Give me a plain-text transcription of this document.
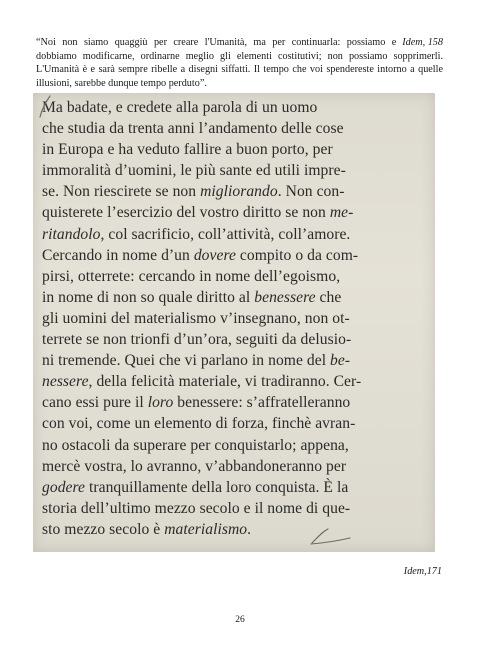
Idem, 158
“Noi non siamo quaggiù per creare l'Umanità, ma per continuarla: possiamo e dobbiamo modificarne, ordinarne meglio gli elementi costitutivi; non possiamo sopprimerli. L'Umanità è e sarà sempre ribelle a disegni siffatti. Il tempo che voi spendereste intorno a quelle illusioni, sarebbe dunque tempo perduto”.

Ma badate, e credete alla parola di un uomo
che studia da trenta anni l’andamento delle cose
in Europa e ha veduto fallire a buon porto, per
immoralità d’uomini, le più sante ed utili impre-
se. Non riescirete se non migliorando. Non con-
quisterete l’esercizio del vostro diritto se non me-
ritandolo, col sacrificio, coll’attività, coll’amore.
Cercando in nome d’un dovere compito o da com-
pirsi, otterrete: cercando in nome dell’egoismo,
in nome di non so quale diritto al benessere che
gli uomini del materialismo v’insegnano, non ot-
terrete se non trionfi d’un’ora, seguiti da delusio-
ni tremende. Quei che vi parlano in nome del be-
nessere, della felicità materiale, vi tradiranno. Cer-
cano essi pure il loro benessere: s’affratelleranno
con voi, come un elemento di forza, finchè avran-
no ostacoli da superare per conquistarlo; appena,
mercè vostra, lo avranno, v’abbandoneranno per
godere tranquillamente della loro conquista. È la
storia dell’ultimo mezzo secolo e il nome di que-
sto mezzo secolo è materialismo.

Idem,171

26
